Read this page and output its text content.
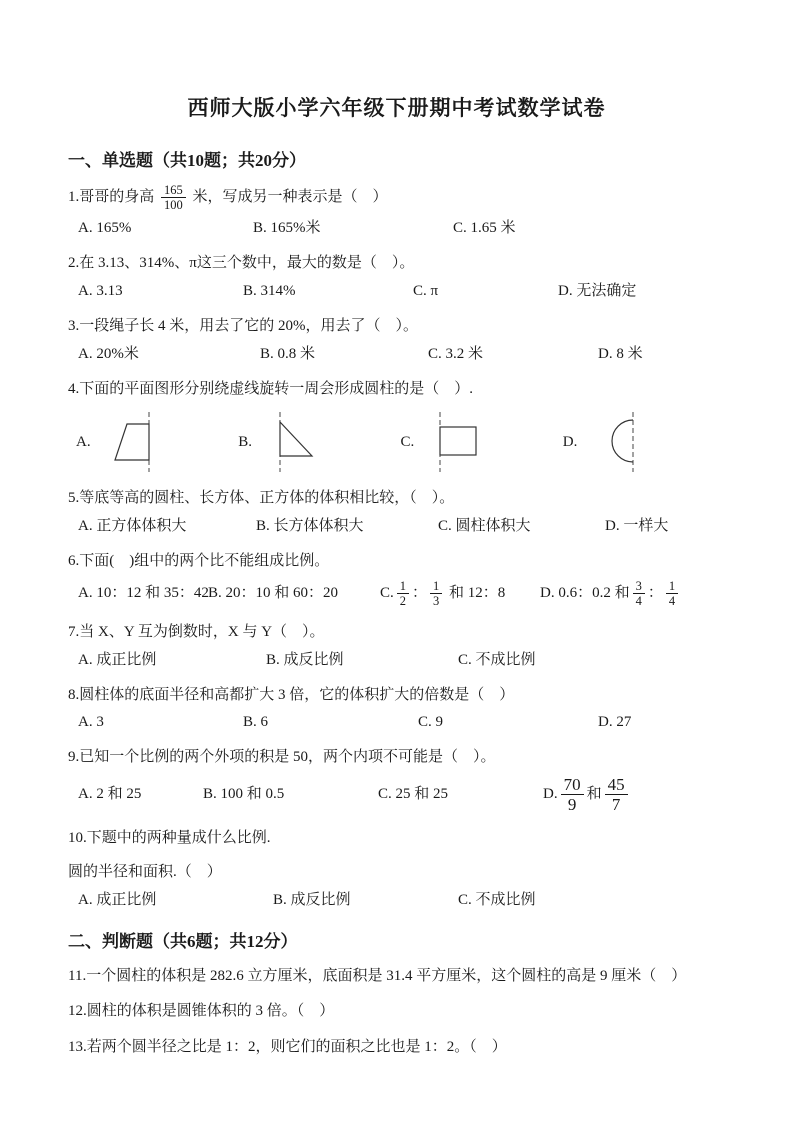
西师大版小学六年级下册期中考试数学试卷
一、单选题（共10题；共20分）

1.哥哥的身高 $\frac{165}{100}$ 米，写成另一种表示是（　）

A. 165%	B. 165%米	C. 1.65 米

2.在 3.13、314%、π这三个数中，最大的数是（　）。

A. 3.13	B. 314%	C. π	D. 无法确定

3.一段绳子长 4 米，用去了它的 20%，用去了（　）。

A. 20%米	B. 0.8 米	C. 3.2 米	D. 8 米

4.下面的平面图形分别绕虚线旋转一周会形成圆柱的是（　）.

A.	B.	C.	D.

5.等底等高的圆柱、长方体、正方体的体积相比较，（　）。

A. 正方体体积大	B. 长方体体积大	C. 圆柱体积大	D. 一样大

6.下面(　)组中的两个比不能组成比例。

A. 10：12 和 35：42 B. 20：10 和 60：20	C. $\frac{1}{2}$ ： $\frac{1}{3}$ 和 12：8	D. 0.6：0.2 和 $\frac{3}{4}$ ： $\frac{1}{4}$

7.当 X、Y 互为倒数时，X 与 Y（　）。

A. 成正比例	B. 成反比例	C. 不成比例

8.圆柱体的底面半径和高都扩大 3 倍，它的体积扩大的倍数是（　）

A. 3	B. 6	C. 9	D. 27

9.已知一个比例的两个外项的积是 50，两个内项不可能是（　）。

A. 2 和 25	B. 100 和 0.5	C. 25 和 25	D. $\frac{70}{9}$ 和 $\frac{45}{7}$

10.下题中的两种量成什么比例.

圆的半径和面积.（　）

A. 成正比例	B. 成反比例	C. 不成比例
二、判断题（共6题；共12分）

11.一个圆柱的体积是 282.6 立方厘米，底面积是 31.4 平方厘米，这个圆柱的高是 9 厘米（　）

12.圆柱的体积是圆锥体积的 3 倍。（　）

13.若两个圆半径之比是 1：2，则它们的面积之比也是 1：2。（　）
